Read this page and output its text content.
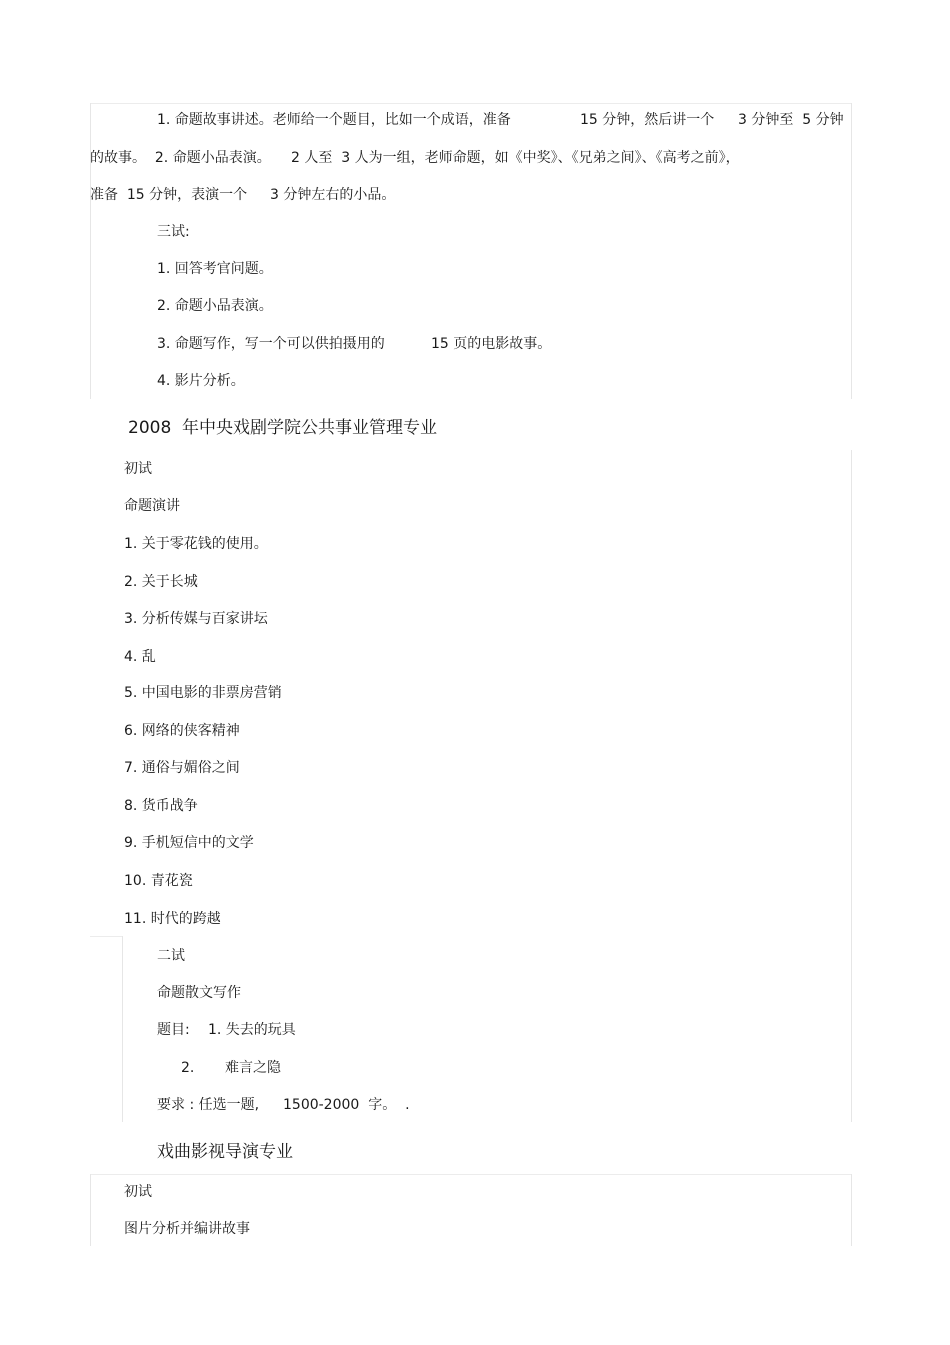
1. 命题故事讲述。老师给一个题目，比如一个成语，准备	15 分钟，然后讲一个 3 分钟至  5 分钟
的故事。  2. 命题小品表演。 2 人至  3 人为一组，老师命题，如《中奖》、《兄弟之间》、《高考之前》，
准备  15 分钟，表演一个 3 分钟左右的小品。
三试:
1. 回答考官问题。
2. 命题小品表演。
3. 命题写作，写一个可以供拍摄用的	15 页的电影故事。
4. 影片分析。
2008 年中央戏剧学院公共事业管理专业
初试
命题演讲
1. 关于零花钱的使用。
2. 关于长城
3. 分析传媒与百家讲坛
4. 乱
5. 中国电影的非票房营销
6. 网络的侠客精神
7. 通俗与媚俗之间
8. 货币战争
9. 手机短信中的文学
10. 青花瓷
11. 时代的跨越
二试
命题散文写作
题目: 1. 失去的玩具
2. 难言之隐
要求 : 任选一题, 1500-2000  字。  .
戏曲影视导演专业
初试
图片分析并编讲故事
